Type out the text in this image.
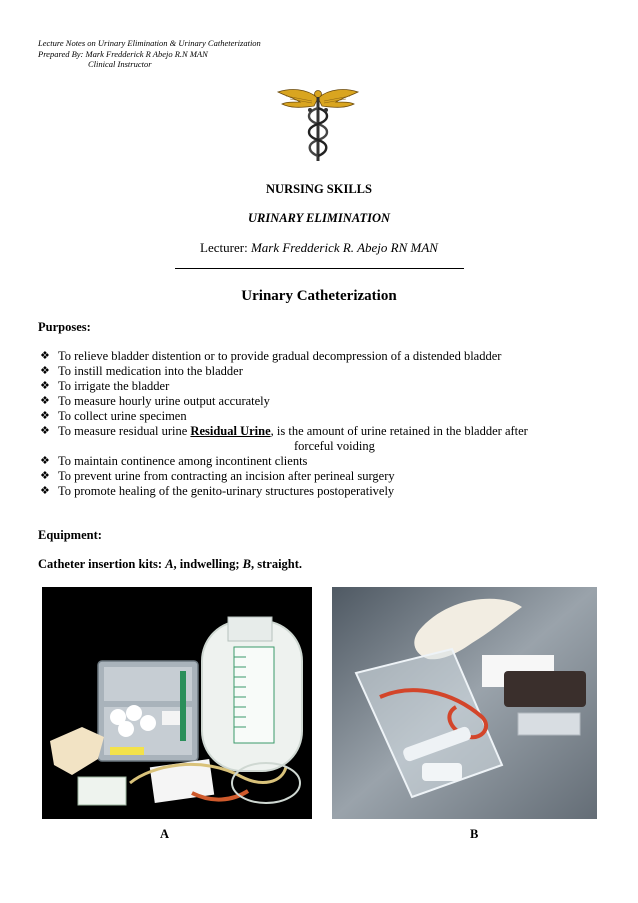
Lecture Notes on Urinary Elimination & Urinary Catheterization
Prepared By: Mark Fredderick R Abejo R.N MAN
Clinical Instructor
NURSING SKILLS
URINARY ELIMINATION
Lecturer: Mark Fredderick R. Abejo RN MAN
Urinary Catheterization
Purposes:
❖ To relieve bladder distention or to provide gradual decompression of a distended bladder
❖ To instill medication into the bladder
❖ To irrigate the bladder
❖ To measure hourly urine output accurately
❖ To collect urine specimen
❖ To measure residual urine Residual Urine, is the amount of urine retained in the bladder after
forceful voiding
❖ To maintain continence among incontinent clients
❖ To prevent urine from contracting an incision after perineal surgery
❖ To promote healing of the genito-urinary structures postoperatively
Equipment:
Catheter insertion kits: A, indwelling; B, straight.
A	B
